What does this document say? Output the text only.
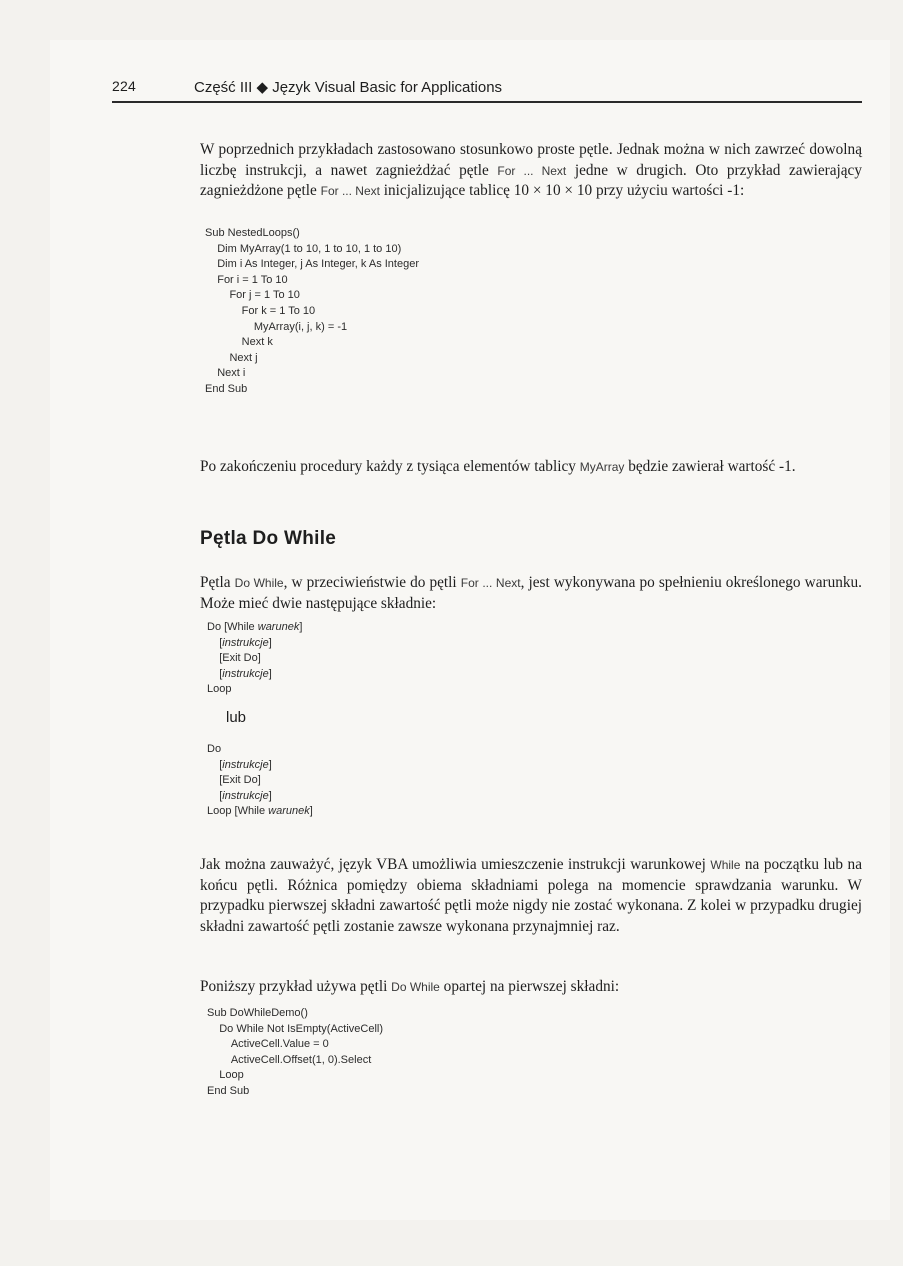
224	Część III ◆ Język Visual Basic for Applications

W poprzednich przykładach zastosowano stosunkowo proste pętle. Jednak można w nich zawrzeć dowolną liczbę instrukcji, a nawet zagnieżdżać pętle For ... Next jedne w drugich. Oto przykład zawierający zagnieżdżone pętle For ... Next inicjalizujące tablicę 10 × 10 × 10 przy użyciu wartości -1:

Sub NestedLoops()
Dim MyArray(1 to 10, 1 to 10, 1 to 10)
Dim i As Integer, j As Integer, k As Integer
For i = 1 To 10
For j = 1 To 10
For k = 1 To 10
MyArray(i, j, k) = -1
Next k
Next j
Next i
End Sub

Po zakończeniu procedury każdy z tysiąca elementów tablicy MyArray będzie zawierał wartość -1.

Pętla Do While

Pętla Do While, w przeciwieństwie do pętli For ... Next, jest wykonywana po spełnieniu określonego warunku. Może mieć dwie następujące składnie:

Do [While warunek]
[instrukcje]
[Exit Do]
[instrukcje]
Loop

lub

Do
[instrukcje]
[Exit Do]
[instrukcje]
Loop [While warunek]

Jak można zauważyć, język VBA umożliwia umieszczenie instrukcji warunkowej While na początku lub na końcu pętli. Różnica pomiędzy obiema składniami polega na momencie sprawdzania warunku. W przypadku pierwszej składni zawartość pętli może nigdy nie zostać wykonana. Z kolei w przypadku drugiej składni zawartość pętli zostanie zawsze wykonana przynajmniej raz.

Poniższy przykład używa pętli Do While opartej na pierwszej składni:

Sub DoWhileDemo()
Do While Not IsEmpty(ActiveCell)
ActiveCell.Value = 0
ActiveCell.Offset(1, 0).Select
Loop
End Sub
